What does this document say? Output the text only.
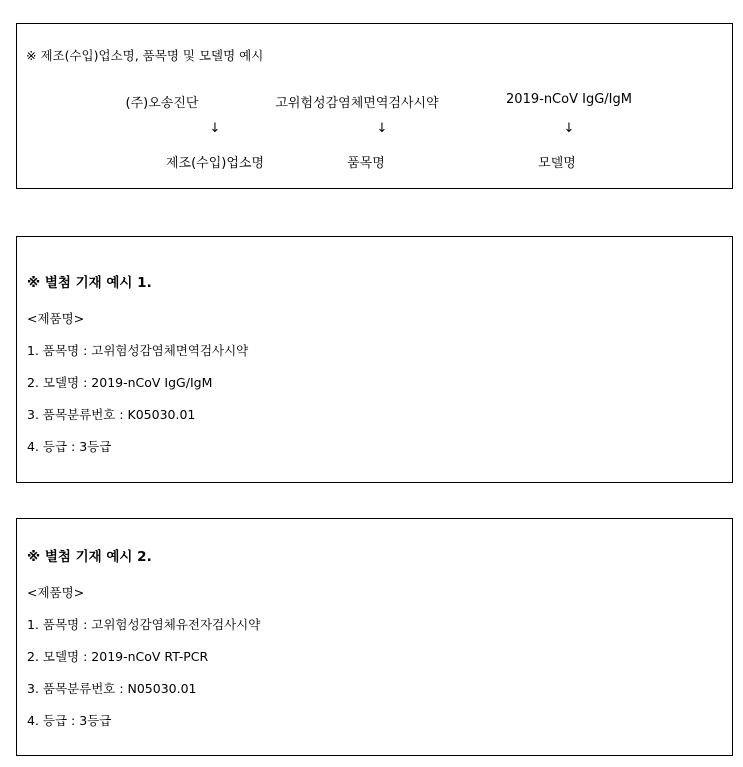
※ 제조(수입)업소명, 품목명 및 모델명 예시
(주)오송진단	고위험성감염체면역검사시약	2019-nCoV IgG/IgM
↓	↓	↓
제조(수입)업소명	품목명	모델명
※ 별첨 기재 예시 1.
<제품명>
1. 품목명 : 고위험성감염체면역검사시약
2. 모델명 : 2019-nCoV IgG/IgM
3. 품목분류번호 : K05030.01
4. 등급 : 3등급
※ 별첨 기재 예시 2.
<제품명>
1. 품목명 : 고위험성감염체유전자검사시약
2. 모델명 : 2019-nCoV RT-PCR
3. 품목분류번호 : N05030.01
4. 등급 : 3등급
